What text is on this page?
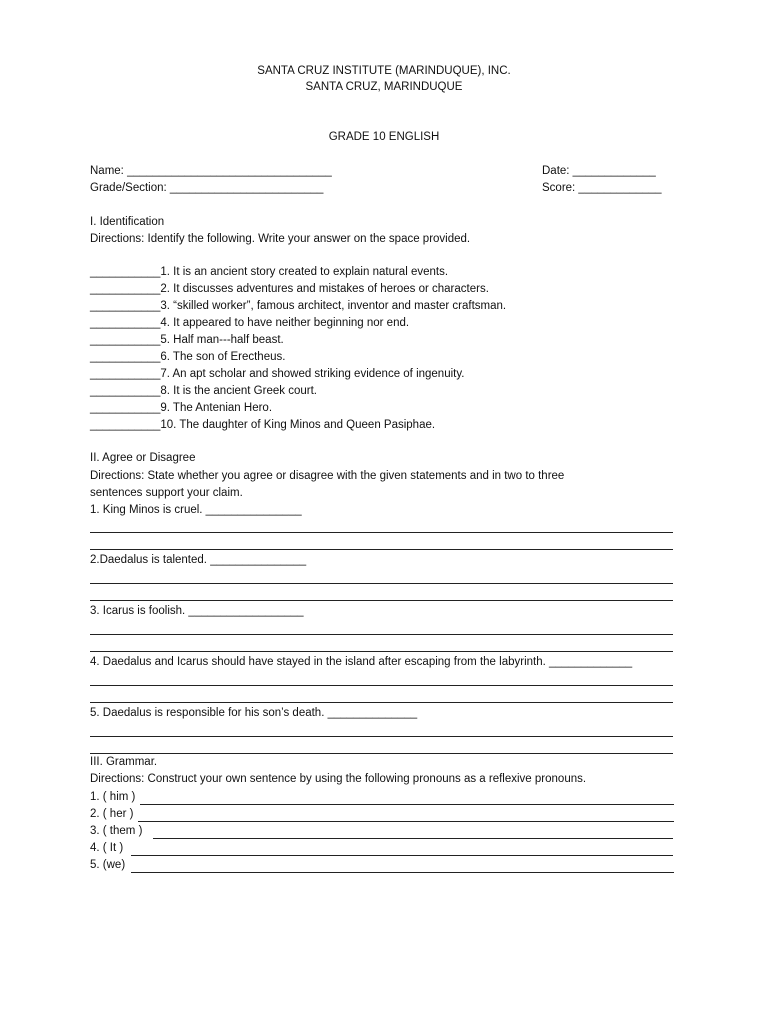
SANTA CRUZ INSTITUTE (MARINDUQUE), INC.
SANTA CRUZ, MARINDUQUE
GRADE 10 ENGLISH
Name: ________________________________	Date: _____________
Grade/Section: ________________________	Score: _____________
I. Identification
Directions: Identify the following. Write your answer on the space provided.
___________1. It is an ancient story created to explain natural events.
___________2. It discusses adventures and mistakes of heroes or characters.
___________3. “skilled worker”, famous architect, inventor and master craftsman.
___________4. It appeared to have neither beginning nor end.
___________5. Half man---half beast.
___________6. The son of Erectheus.
___________7. An apt scholar and showed striking evidence of ingenuity.
___________8. It is the ancient Greek court.
___________9. The Antenian Hero.
___________10. The daughter of King Minos and Queen Pasiphae.
II. Agree or Disagree
Directions: State whether you agree or disagree with the given statements and in two to three
sentences support your claim.
1. King Minos is cruel. _______________
2.Daedalus is talented. _______________
3. Icarus is foolish. __________________
4. Daedalus and Icarus should have stayed in the island after escaping from the labyrinth. _____________
5. Daedalus is responsible for his son’s death. ______________
III. Grammar.
Directions: Construct your own sentence by using the following pronouns as a reflexive pronouns.
1. ( him )
2. ( her )
3. ( them )
4. ( It )
5. (we)
